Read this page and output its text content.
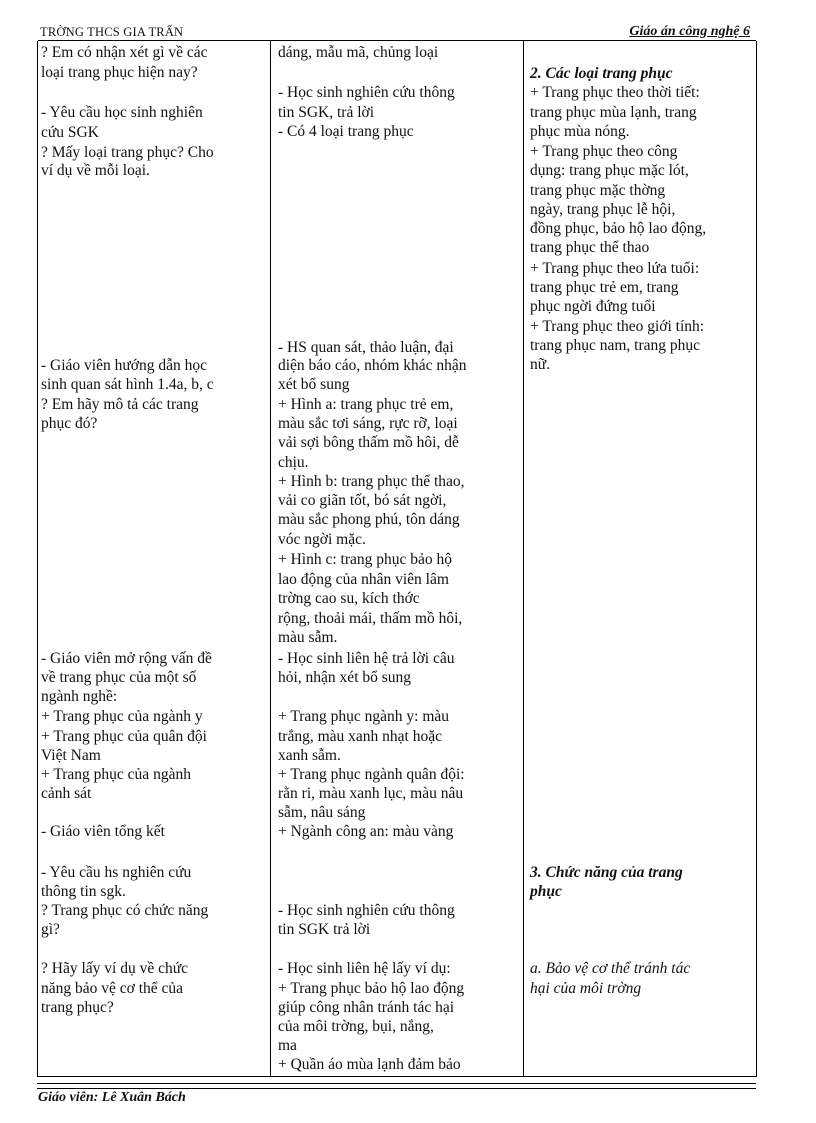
TRỜNG THCS GIA TRẤN	Giáo án công nghệ 6
? Em có nhận xét gì về các
loại trang phục hiện nay?
- Yêu cầu học sinh nghiên
cứu SGK
? Mấy loại trang phục? Cho
ví dụ về mỗi loại.
- Giáo viên hướng dẫn học
sinh quan sát hình 1.4a, b, c
? Em hãy mô tả các trang
phục đó?
- Giáo viên mở rộng vấn đề
về trang phục của một số
ngành nghề:
+ Trang phục của ngành y
+ Trang phục của quân đội
Việt Nam
+ Trang phục của ngành
cảnh sát
- Giáo viên tổng kết
- Yêu cầu hs nghiên cứu
thông tin sgk.
? Trang phục có chức năng
gì?
? Hãy lấy ví dụ về chức
năng bảo vệ cơ thể của
trang phục?
dáng, mẫu mã, chủng loại
- Học sinh nghiên cứu thông
tin SGK, trả lời
- Có 4 loại trang phục
- HS quan sát, thảo luận, đại
diện báo cáo, nhóm khác nhận
xét bổ sung
+ Hình a: trang phục trẻ em,
màu sắc tơi sáng, rực rỡ, loại
vải sợi bông thấm mồ hôi, dễ
chịu.
+ Hình b: trang phục thể thao,
vải co giãn tốt, bó sát ngời,
màu sắc phong phú, tôn dáng
vóc ngời mặc.
+ Hình c: trang phục bảo hộ
lao động của nhân viên lâm
trờng cao su, kích thớc
rộng, thoải mái, thấm mồ hôi,
màu sẫm.
- Học sinh liên hệ trả lời câu
hỏi, nhận xét bổ sung
+ Trang phục ngành y: màu
trắng, màu xanh nhạt hoặc
xanh sẫm.
+ Trang phục ngành quân đội:
rằn ri, màu xanh lục, màu nâu
sẫm, nâu sáng
+ Ngành công an: màu vàng
- Học sinh nghiên cứu thông
tin SGK trả lời
- Học sinh liên hệ lấy ví dụ:
+ Trang phục bảo hộ lao động
giúp công nhân tránh tác hại
của môi trờng, bụi, nắng,
ma
+ Quần áo mùa lạnh đảm bảo
2. Các loại trang phục
+ Trang phục theo thời tiết:
trang phục mùa lạnh, trang
phục mùa nóng.
+ Trang phục theo công
dụng: trang phục mặc lót,
trang phục mặc thờng
ngày, trang phục lễ hội,
đồng phục, bảo hộ lao động,
trang phục thể thao
+ Trang phục theo lứa tuổi:
trang phục trẻ em, trang
phục ngời đứng tuổi
+ Trang phục theo giới tính:
trang phục nam, trang phục
nữ.
3. Chức năng của trang
phục
a. Bảo vệ cơ thể tránh tác
hại của môi trờng
Giáo viên: Lê Xuân Bách
